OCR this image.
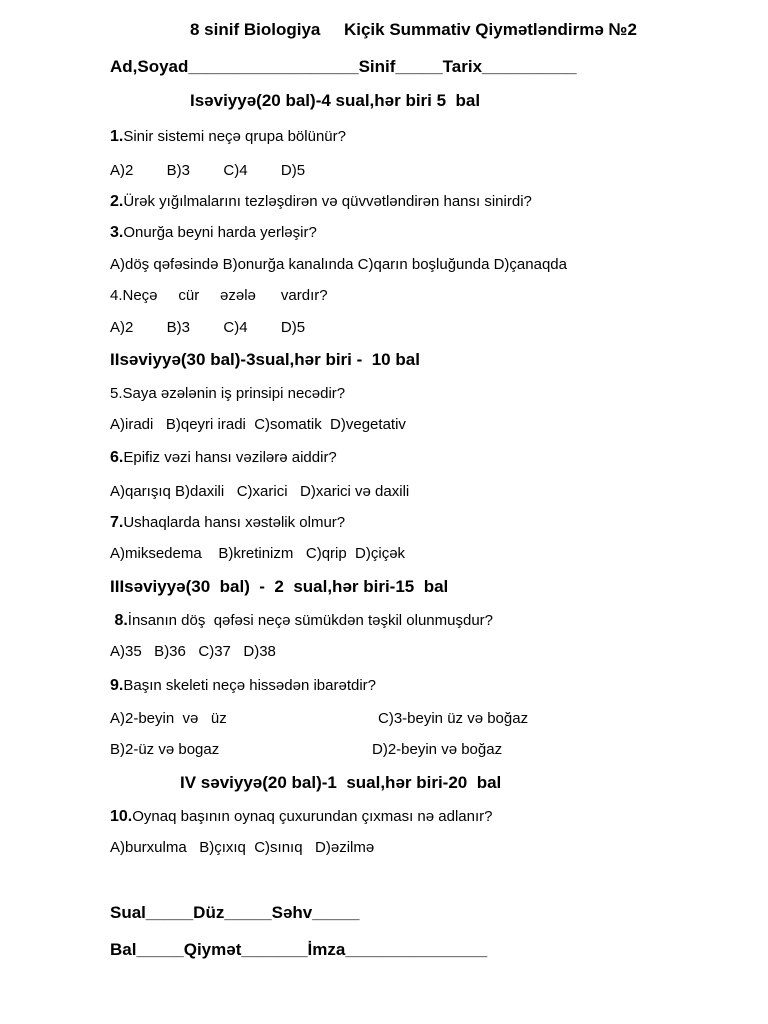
8 sinif Biologiya     Kiçik Summativ Qiymətləndirmə №2
Ad,Soyad__________________Sinif_____Tarix__________
Isəviyyə(20 bal)-4 sual,hər biri 5  bal
1.Sinir sistemi neçə qrupa bölünür?
A)2        B)3        C)4        D)5
2.Ürək yığılmalarını tezləşdirən və qüvvətləndirən hansı sinirdi?
3.Onurğa beyni harda yerləşir?
A)döş qəfəsində B)onurğa kanalında C)qarın boşluğunda D)çanaqda
4.Neçə     cür     əzələ      vardır?
A)2        B)3        C)4        D)5
IIsəviyyə(30 bal)-3sual,hər biri -  10 bal
5.Saya əzələnin iş prinsipi necədir?
A)iradi   B)qeyri iradi  C)somatik  D)vegetativ
6.Epifiz vəzi hansı vəzilərə aiddir?
A)qarışıq B)daxili   C)xarici   D)xarici və daxili
7.Ushaqlarda hansı xəstəlik olmur?
A)miksedema    B)kretinizm   C)qrip  D)çiçək
IIIsəviyyə(30  bal)  -  2  sual,hər biri-15  bal
8.İnsanın döş  qəfəsi neçə sümükdən təşkil olunmuşdur?
A)35   B)36   C)37   D)38
9.Başın skeleti neçə hissədən ibarətdir?
A)2-beyin  və   üz	C)3-beyin üz və boğaz
B)2-üz və bogaz	D)2-beyin və boğaz
IV səviyyə(20 bal)-1  sual,hər biri-20  bal
10.Oynaq başının oynaq çuxurundan çıxması nə adlanır?
A)burxulma   B)çıxıq  C)sınıq   D)əzilmə
Sual_____Düz_____Səhv_____
Bal_____Qiymət_______İmza_______________
